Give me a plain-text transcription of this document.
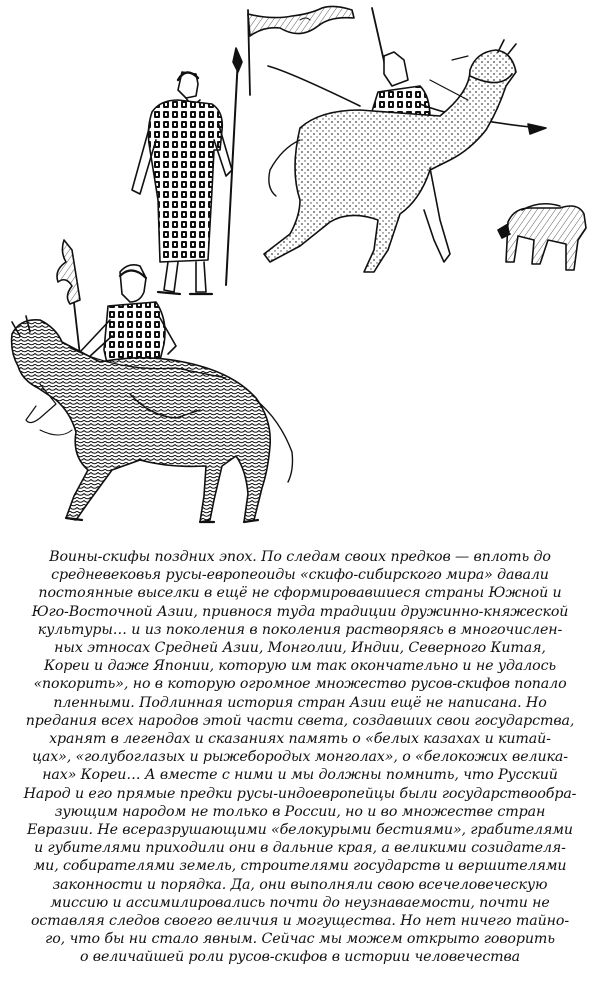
Воины-скифы поздних эпох. По следам своих предков — вплоть до
средневековья русы-европеоиды «скифо-сибирского мира» давали
постоянные выселки в ещё не сформировавшиеся страны Южной и
Юго-Восточной Азии, привнося туда традиции дружинно-княжеской
культуры… и из поколения в поколения растворяясь в многочислен-
ных этносах Средней Азии, Монголии, Индии, Северного Китая,
Кореи и даже Японии, которую им так окончательно и не удалось
«покорить», но в которую огромное множество русов-скифов попало
пленными. Подлинная история стран Азии ещё не написана. Но
предания всех народов этой части света, создавших свои государства,
хранят в легендах и сказаниях память о «белых казахах и китай-
цах», «голубоглазых и рыжебородых монголах», о «белокожих велика-
нах» Кореи… А вместе с ними и мы должны помнить, что Русский
Народ и его прямые предки русы-индоевропейцы были государствообра-
зующим народом не только в России, но и во множестве стран
Евразии. Не всеразрушающими «белокурыми бестиями», грабителями
и губителями приходили они в дальние края, а великими созидателя-
ми, собирателями земель, строителями государств и вершителями
законности и порядка. Да, они выполняли свою всечеловеческую
миссию и ассимилировались почти до неузнаваемости, почти не
оставляя следов своего величия и могущества. Но нет ничего тайно-
го, что бы ни стало явным. Сейчас мы можем открыто говорить
о величайшей роли русов-скифов в истории человечества
